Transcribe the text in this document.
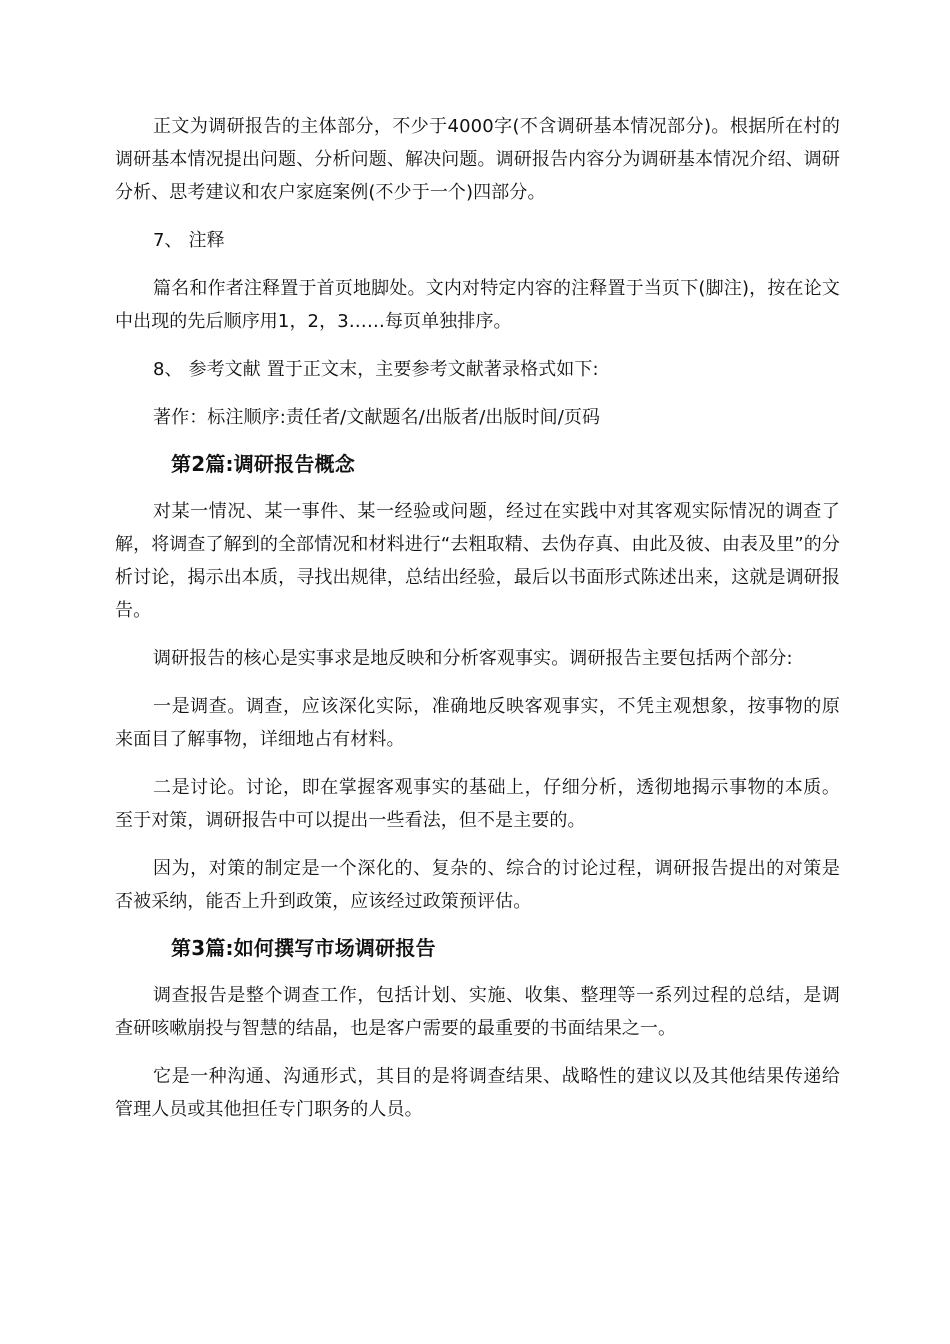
正文为调研报告的主体部分，不少于4000字(不含调研基本情况部分)。根据所在村的调研基本情况提出问题、分析问题、解决问题。调研报告内容分为调研基本情况介绍、调研分析、思考建议和农户家庭案例(不少于一个)四部分。

7、 注释

篇名和作者注释置于首页地脚处。文内对特定内容的注释置于当页下(脚注)，按在论文中出现的先后顺序用1，2，3……每页单独排序。

8、 参考文献 置于正文末，主要参考文献著录格式如下:

著作：标注顺序:责任者/文献题名/出版者/出版时间/页码

第2篇:调研报告概念

对某一情况、某一事件、某一经验或问题，经过在实践中对其客观实际情况的调查了解，将调查了解到的全部情况和材料进行“去粗取精、去伪存真、由此及彼、由表及里”的分析讨论，揭示出本质，寻找出规律，总结出经验，最后以书面形式陈述出来，这就是调研报告。

调研报告的核心是实事求是地反映和分析客观事实。调研报告主要包括两个部分:

一是调查。调查，应该深化实际，准确地反映客观事实，不凭主观想象，按事物的原来面目了解事物，详细地占有材料。

二是讨论。讨论，即在掌握客观事实的基础上，仔细分析，透彻地揭示事物的本质。至于对策，调研报告中可以提出一些看法，但不是主要的。

因为，对策的制定是一个深化的、复杂的、综合的讨论过程，调研报告提出的对策是否被采纳，能否上升到政策，应该经过政策预评估。

第3篇:如何撰写市场调研报告

调查报告是整个调查工作，包括计划、实施、收集、整理等一系列过程的总结，是调查研咳嗽崩投与智慧的结晶，也是客户需要的最重要的书面结果之一。

它是一种沟通、沟通形式，其目的是将调查结果、战略性的建议以及其他结果传递给管理人员或其他担任专门职务的人员。
